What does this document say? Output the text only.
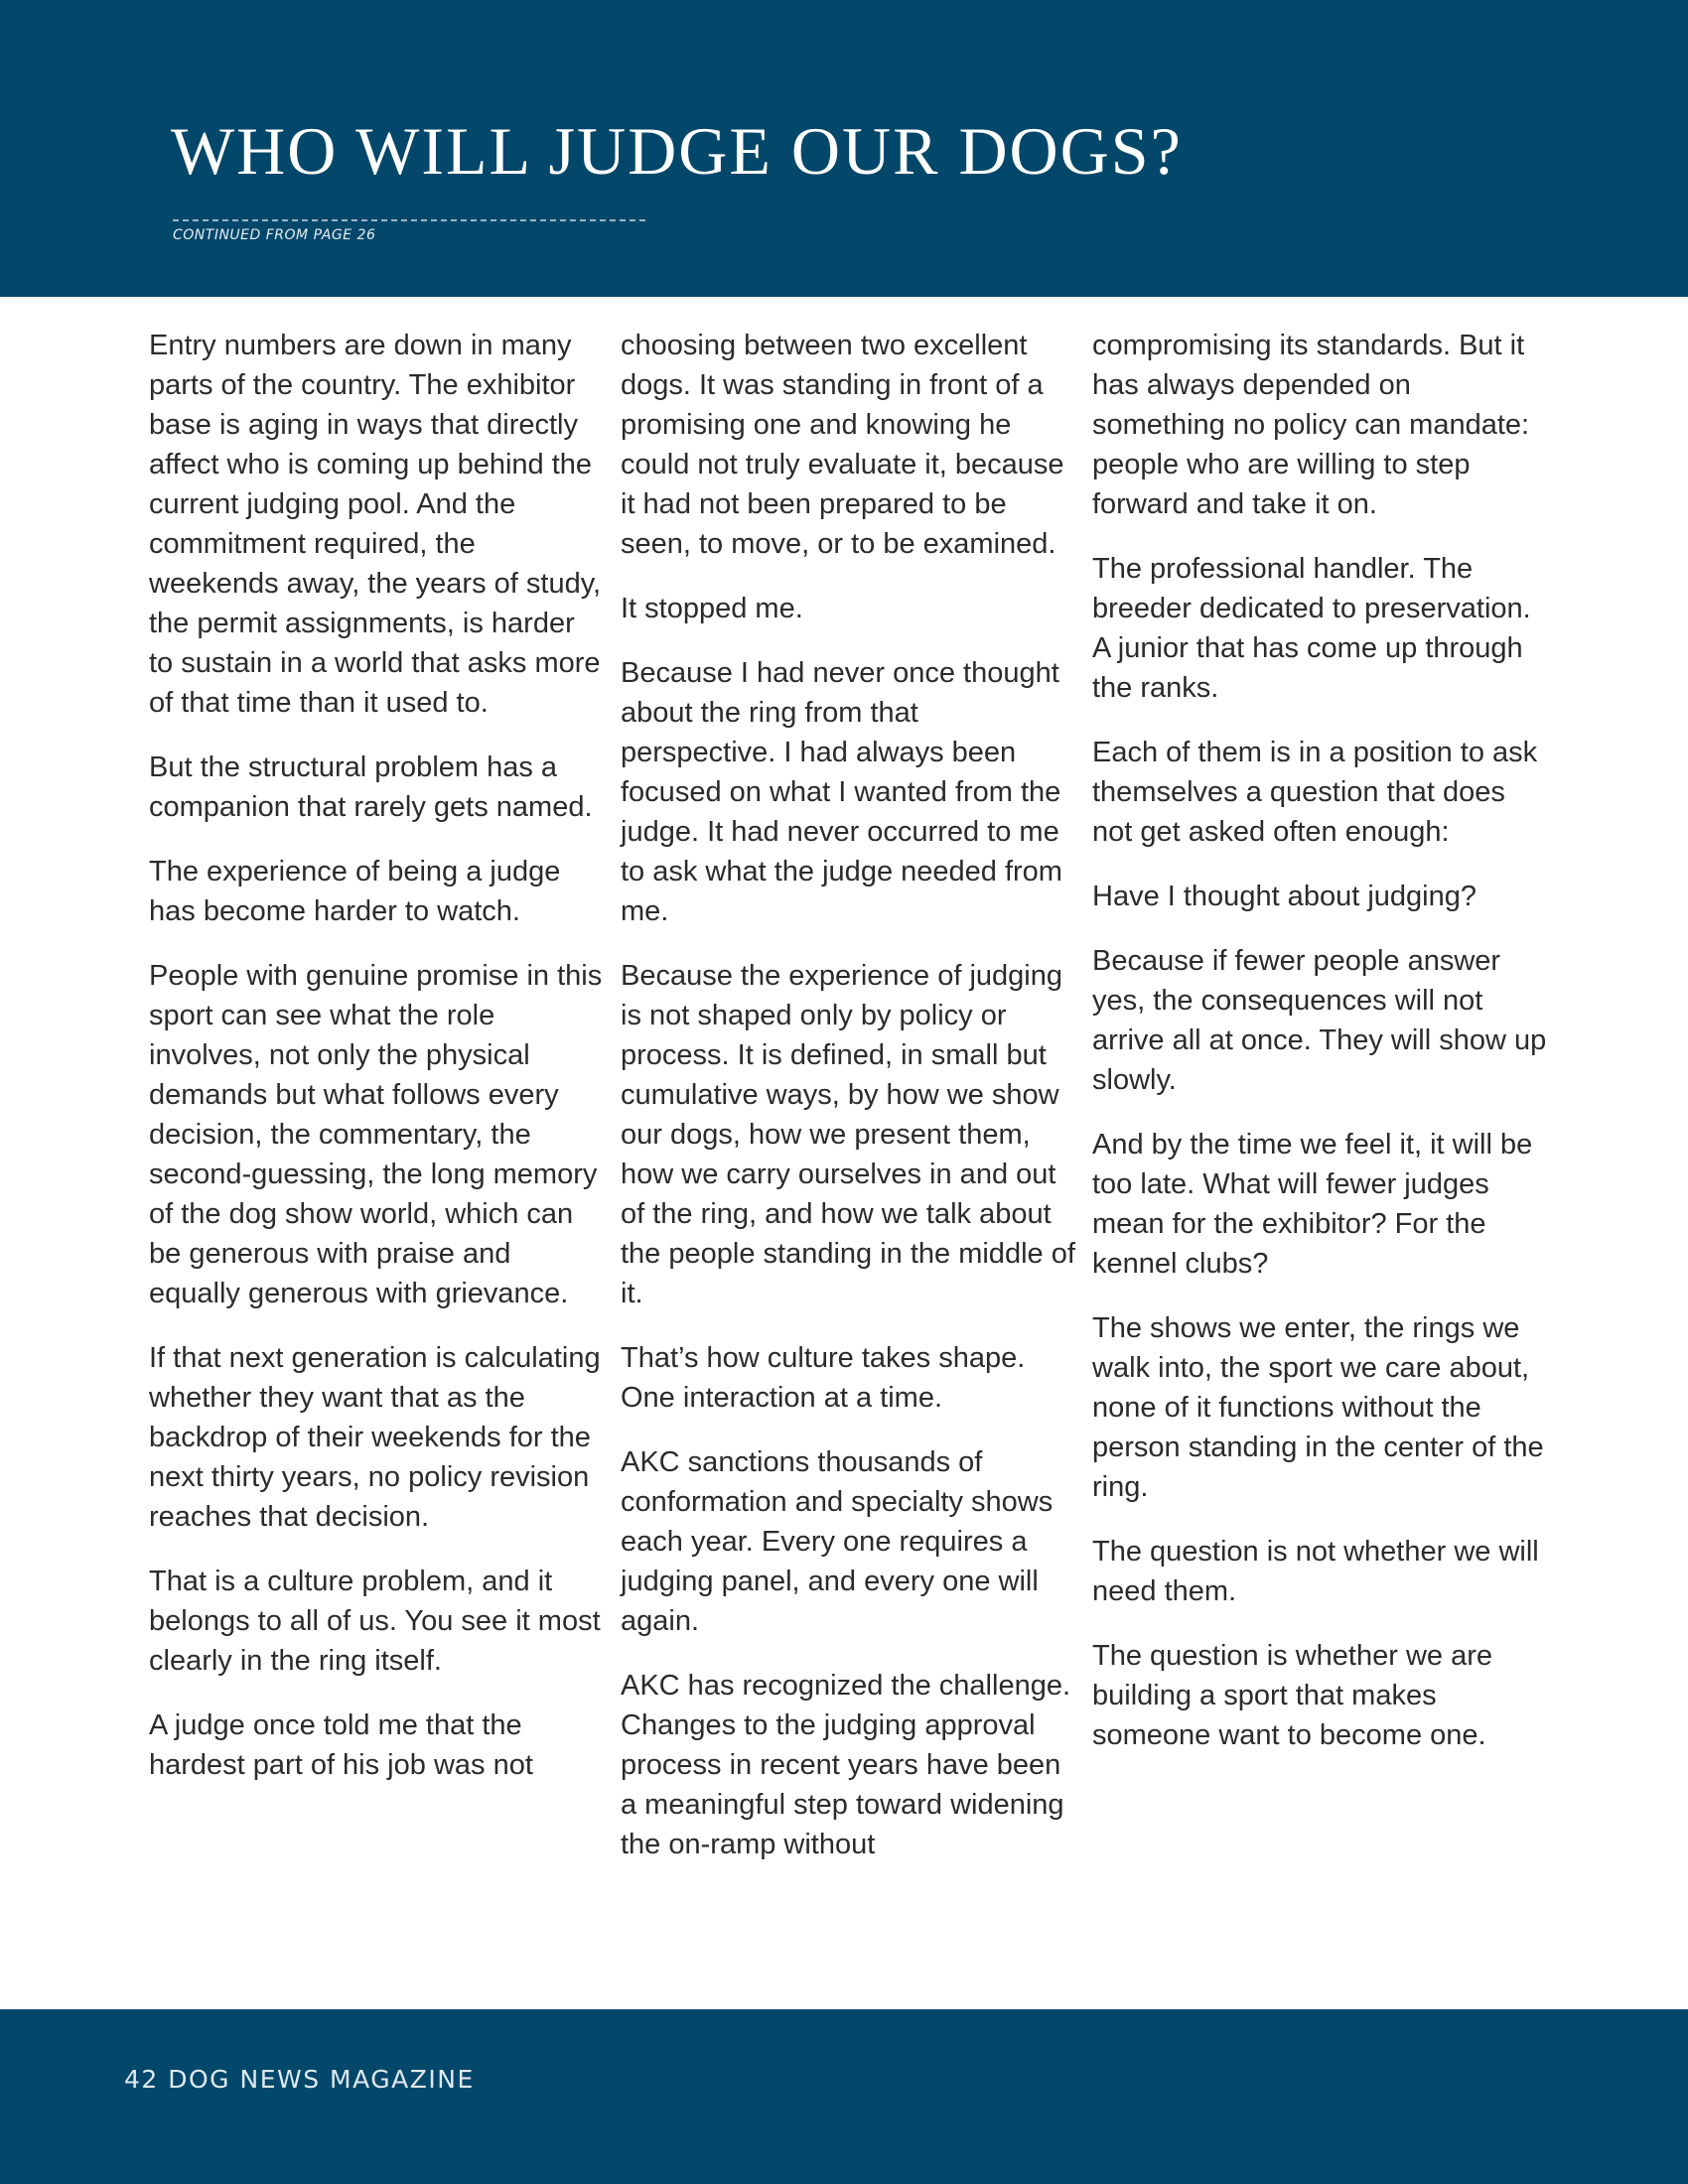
WHO WILL JUDGE OUR DOGS?
CONTINUED FROM PAGE 26

Entry numbers are down in many parts of the country. The exhibitor base is aging in ways that directly affect who is coming up behind the current judging pool. And the commitment required, the weekends away, the years of study, the permit assignments, is harder to sustain in a world that asks more of that time than it used to.

But the structural problem has a companion that rarely gets named.

The experience of being a judge has become harder to watch.

People with genuine promise in this sport can see what the role involves, not only the physical demands but what follows every decision, the commentary, the second-guessing, the long memory of the dog show world, which can be generous with praise and equally generous with grievance.

If that next generation is calculating whether they want that as the backdrop of their weekends for the next thirty years, no policy revision reaches that decision.

That is a culture problem, and it belongs to all of us. You see it most clearly in the ring itself.

A judge once told me that the hardest part of his job was not

choosing between two excellent dogs. It was standing in front of a promising one and knowing he could not truly evaluate it, because it had not been prepared to be seen, to move, or to be examined.

It stopped me.

Because I had never once thought about the ring from that perspective. I had always been focused on what I wanted from the judge. It had never occurred to me to ask what the judge needed from me.

Because the experience of judging is not shaped only by policy or process. It is defined, in small but cumulative ways, by how we show our dogs, how we present them, how we carry ourselves in and out of the ring, and how we talk about the people standing in the middle of it.

That’s how culture takes shape. One interaction at a time.

AKC sanctions thousands of conformation and specialty shows each year. Every one requires a judging panel, and every one will again.

AKC has recognized the challenge. Changes to the judging approval process in recent years have been a meaningful step toward widening the on-ramp without

compromising its standards. But it has always depended on something no policy can mandate: people who are willing to step forward and take it on.

The professional handler. The breeder dedicated to preservation. A junior that has come up through the ranks.

Each of them is in a position to ask themselves a question that does not get asked often enough:

Have I thought about judging?

Because if fewer people answer yes, the consequences will not arrive all at once. They will show up slowly.

And by the time we feel it, it will be too late. What will fewer judges mean for the exhibitor? For the kennel clubs?

The shows we enter, the rings we walk into, the sport we care about, none of it functions without the person standing in the center of the ring.

The question is not whether we will need them.

The question is whether we are building a sport that makes someone want to become one.

42 DOG NEWS MAGAZINE
